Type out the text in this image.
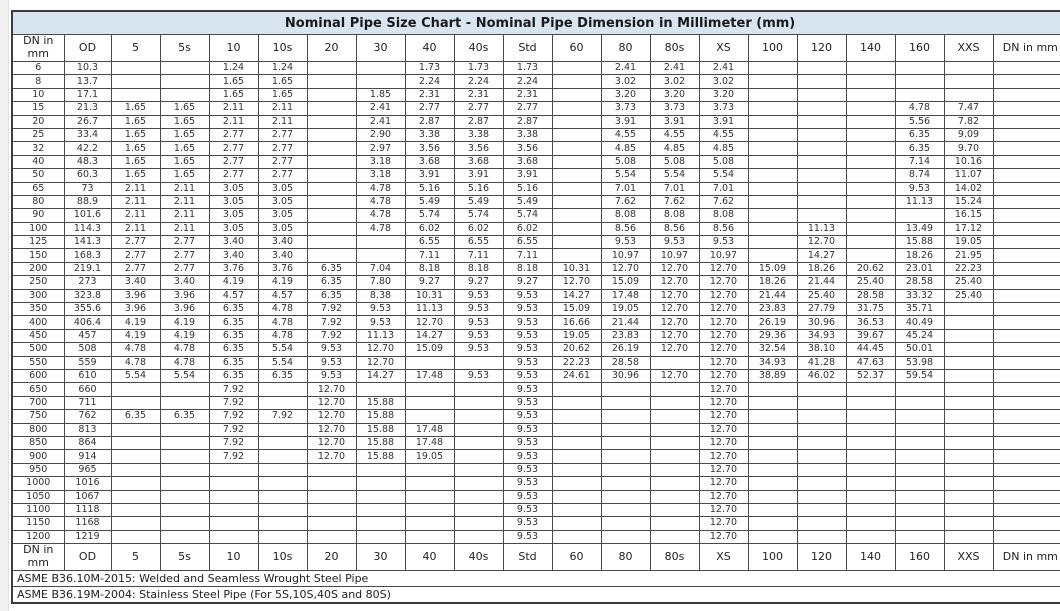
Nominal Pipe Size Chart - Nominal Pipe Dimension in Millimeter (mm)																				
DN in mm	OD	5	5s	10	10s	20	30	40	40s	Std	60	80	80s	XS	100	120	140	160	XXS	DN in mm
6	10.3			1.24	1.24			1.73	1.73	1.73		2.41	2.41	2.41						
8	13.7			1.65	1.65			2.24	2.24	2.24		3.02	3.02	3.02						
10	17.1			1.65	1.65		1.85	2.31	2.31	2.31		3.20	3.20	3.20						
15	21.3	1.65	1.65	2.11	2.11		2.41	2.77	2.77	2.77		3.73	3.73	3.73				4.78	7.47	
20	26.7	1.65	1.65	2.11	2.11		2.41	2.87	2.87	2.87		3.91	3.91	3.91				5.56	7.82	
25	33.4	1.65	1.65	2.77	2.77		2.90	3.38	3.38	3.38		4.55	4.55	4.55				6.35	9.09	
32	42.2	1.65	1.65	2.77	2.77		2.97	3.56	3.56	3.56		4.85	4.85	4.85				6.35	9.70	
40	48.3	1.65	1.65	2.77	2.77		3.18	3.68	3.68	3.68		5.08	5.08	5.08				7.14	10.16	
50	60.3	1.65	1.65	2.77	2.77		3.18	3.91	3.91	3.91		5.54	5.54	5.54				8.74	11.07	
65	73	2.11	2.11	3.05	3.05		4.78	5.16	5.16	5.16		7.01	7.01	7.01				9.53	14.02	
80	88.9	2.11	2.11	3.05	3.05		4.78	5.49	5.49	5.49		7.62	7.62	7.62				11.13	15.24	
90	101.6	2.11	2.11	3.05	3.05		4.78	5.74	5.74	5.74		8.08	8.08	8.08					16.15	
100	114.3	2.11	2.11	3.05	3.05		4.78	6.02	6.02	6.02		8.56	8.56	8.56		11.13		13.49	17.12	
125	141.3	2.77	2.77	3.40	3.40			6.55	6.55	6.55		9.53	9.53	9.53		12.70		15.88	19.05	
150	168.3	2.77	2.77	3.40	3.40			7.11	7.11	7.11		10.97	10.97	10.97		14.27		18.26	21.95	
200	219.1	2.77	2.77	3.76	3.76	6.35	7.04	8.18	8.18	8.18	10.31	12.70	12.70	12.70	15.09	18.26	20.62	23.01	22.23	
250	273	3.40	3.40	4.19	4.19	6.35	7.80	9.27	9.27	9.27	12.70	15.09	12.70	12.70	18.26	21.44	25.40	28.58	25.40	
300	323.8	3.96	3.96	4.57	4.57	6.35	8.38	10.31	9.53	9.53	14.27	17.48	12.70	12.70	21.44	25.40	28.58	33.32	25.40	
350	355.6	3.96	3.96	6.35	4.78	7.92	9.53	11.13	9.53	9.53	15.09	19.05	12.70	12.70	23.83	27.79	31.75	35.71		
400	406.4	4.19	4.19	6.35	4.78	7.92	9.53	12.70	9.53	9.53	16.66	21.44	12.70	12.70	26.19	30.96	36.53	40.49		
450	457	4.19	4.19	6.35	4.78	7.92	11.13	14.27	9.53	9.53	19.05	23.83	12.70	12.70	29.36	34.93	39.67	45.24		
500	508	4.78	4.78	6.35	5.54	9.53	12.70	15.09	9.53	9.53	20.62	26.19	12.70	12.70	32.54	38.10	44.45	50.01		
550	559	4.78	4.78	6.35	5.54	9.53	12.70			9.53	22.23	28.58		12.70	34.93	41.28	47.63	53.98		
600	610	5.54	5.54	6.35	6.35	9.53	14.27	17.48	9.53	9.53	24.61	30.96	12.70	12.70	38.89	46.02	52.37	59.54		
650	660			7.92		12.70				9.53				12.70						
700	711			7.92		12.70	15.88			9.53				12.70						
750	762	6.35	6.35	7.92	7.92	12.70	15.88			9.53				12.70						
800	813			7.92		12.70	15.88	17.48		9.53				12.70						
850	864			7.92		12.70	15.88	17.48		9.53				12.70						
900	914			7.92		12.70	15.88	19.05		9.53				12.70						
950	965									9.53				12.70						
1000	1016									9.53				12.70						
1050	1067									9.53				12.70						
1100	1118									9.53				12.70						
1150	1168									9.53				12.70						
1200	1219									9.53				12.70						
DN in mm	OD	5	5s	10	10s	20	30	40	40s	Std	60	80	80s	XS	100	120	140	160	XXS	DN in mm
ASME B36.10M-2015: Welded and Seamless Wrought Steel Pipe																				
ASME B36.19M-2004: Stainless Steel Pipe (For 5S,10S,40S and 80S)																				
